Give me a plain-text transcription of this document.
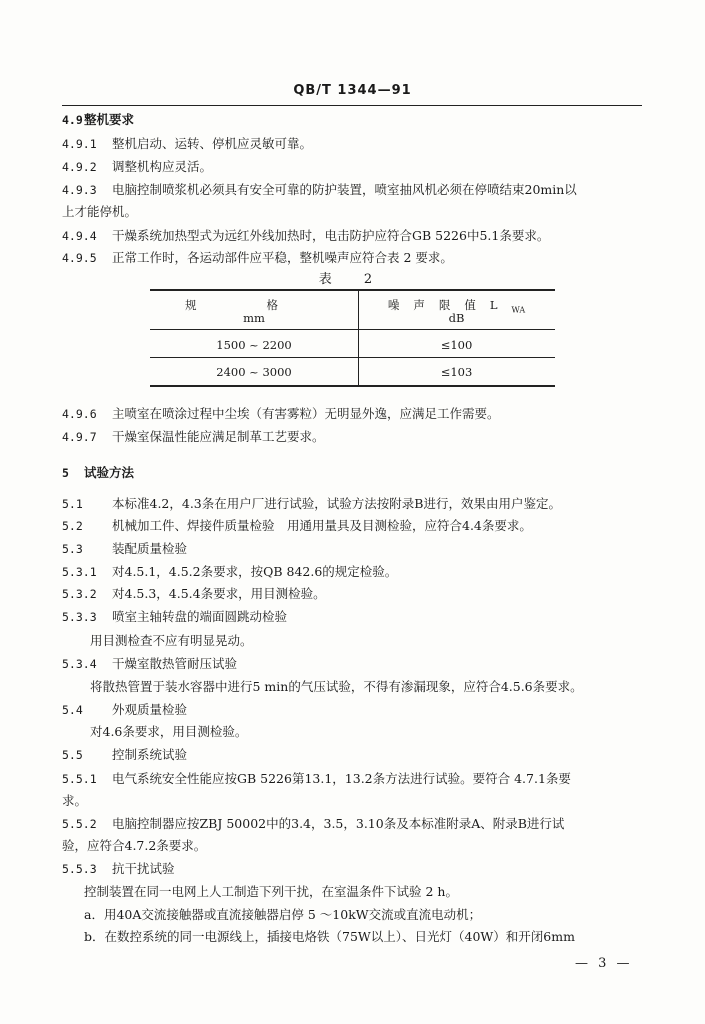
QB/T 1344—91
4.9整机要求
4.9.1 整机启动、运转、停机应灵敏可靠。
4.9.2 调整机构应灵活。
4.9.3 电脑控制喷浆机必须具有安全可靠的防护装置，喷室抽风机必须在停喷结束20min以
上才能停机。
4.9.4 干燥系统加热型式为远红外线加热时，电击防护应符合GB 5226中5.1条要求。
4.9.5 正常工作时，各运动部件应平稳，整机噪声应符合表 2 要求。
表 2
规格
mm
噪声限值$L_{WA}$
dB
1500 ~ 2200	≤100
2400 ~ 3000	≤103
4.9.6 主喷室在喷涂过程中尘埃（有害雾粒）无明显外逸，应满足工作需要。
4.9.7 干燥室保温性能应满足制革工艺要求。
5 试验方法
5.1 本标准4.2，4.3条在用户厂进行试验，试验方法按附录B进行，效果由用户鉴定。
5.2 机械加工件、焊接件质量检验　用通用量具及目测检验，应符合4.4条要求。
5.3 装配质量检验
5.3.1 对4.5.1，4.5.2条要求，按QB 842.6的规定检验。
5.3.2 对4.5.3，4.5.4条要求，用目测检验。
5.3.3 喷室主轴转盘的端面圆跳动检验
用目测检查不应有明显晃动。
5.3.4 干燥室散热管耐压试验
将散热管置于装水容器中进行5 min的气压试验，不得有渗漏现象，应符合4.5.6条要求。
5.4 外观质量检验
对4.6条要求，用目测检验。
5.5 控制系统试验
5.5.1 电气系统安全性能应按GB 5226第13.1，13.2条方法进行试验。要符合 4.7.1条要
求。
5.5.2 电脑控制器应按ZBJ 50002中的3.4，3.5，3.10条及本标准附录A、附录B进行试
验，应符合4.7.2条要求。
5.5.3 抗干扰试验
控制装置在同一电网上人工制造下列干扰，在室温条件下试验 2 h。
a．用40A交流接触器或直流接触器启停 5 ～10kW交流或直流电动机；
b．在数控系统的同一电源线上，插接电烙铁（75W以上）、日光灯（40W）和开闭6mm
— 3 —
